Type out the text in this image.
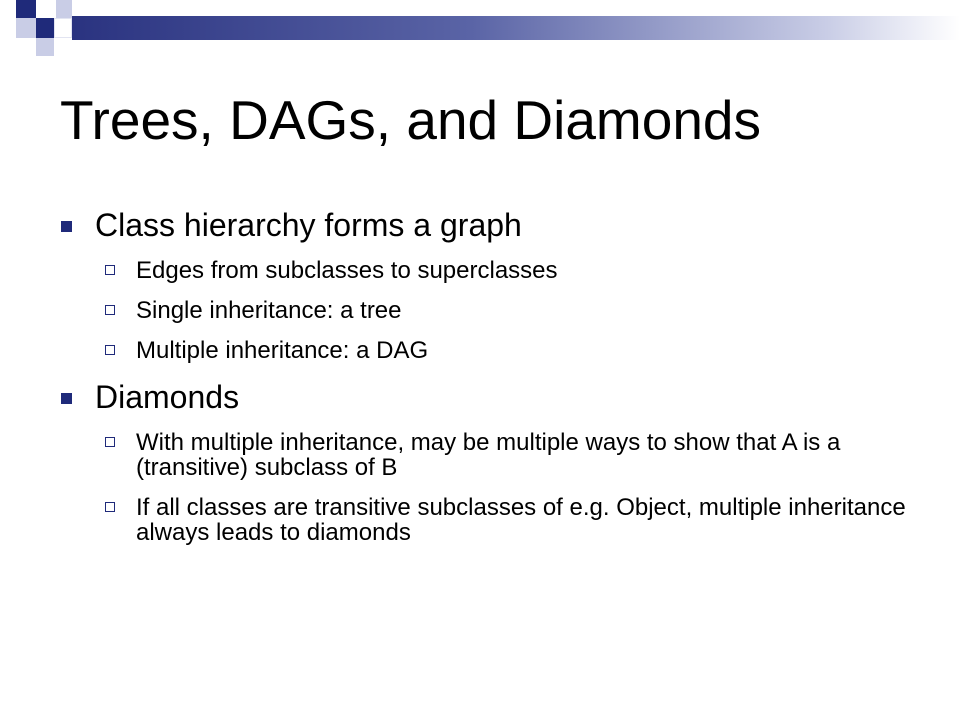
Trees, DAGs, and Diamonds
Class hierarchy forms a graph
Edges from subclasses to superclasses
Single inheritance: a tree
Multiple inheritance: a DAG
Diamonds
With multiple inheritance, may be multiple ways to show that A is a (transitive) subclass of B
If all classes are transitive subclasses of e.g. Object, multiple inheritance always leads to diamonds
